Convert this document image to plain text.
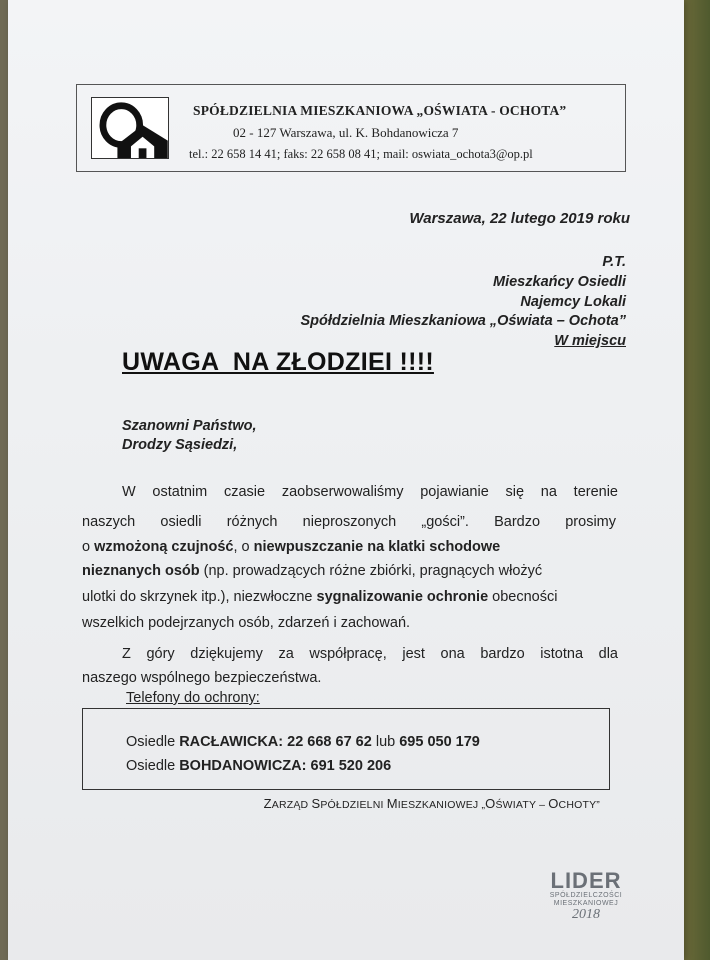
SPÓŁDZIELNIA MIESZKANIOWA „OŚWIATA - OCHOTA”
02 - 127 Warszawa, ul. K. Bohdanowicza 7
tel.: 22 658 14 41; faks: 22 658 08 41; mail: oswiata_ochota3@op.pl
Warszawa, 22 lutego 2019 roku
P.T.
Mieszkańcy Osiedli
Najemcy Lokali
Spółdzielnia Mieszkaniowa „Oświata – Ochota”
W miejscu
UWAGA  NA ZŁODZIEI !!!!
Szanowni Państwo,
Drodzy Sąsiedzi,
W ostatnim czasie zaobserwowaliśmy pojawianie się na terenie
naszych osiedli różnych nieproszonych „gości”. Bardzo prosimy
o wzmożoną czujność, o niewpuszczanie na klatki schodowe
nieznanych osób (np. prowadzących różne zbiórki, pragnących włożyć
ulotki do skrzynek itp.), niezwłoczne sygnalizowanie ochronie obecności
wszelkich podejrzanych osób, zdarzeń i zachowań.
Z góry dziękujemy za współpracę, jest ona bardzo istotna dla
naszego wspólnego bezpieczeństwa.
Telefony do ochrony:
Osiedle RACŁAWICKA: 22 668 67 62 lub 695 050 179
Osiedle BOHDANOWICZA: 691 520 206
ZARZĄD SPÓŁDZIELNI MIESZKANIOWEJ „OŚWIATY – OCHOTY”
LIDER
SPÓŁDZIELCZOŚCI
MIESZKANIOWEJ
2018
